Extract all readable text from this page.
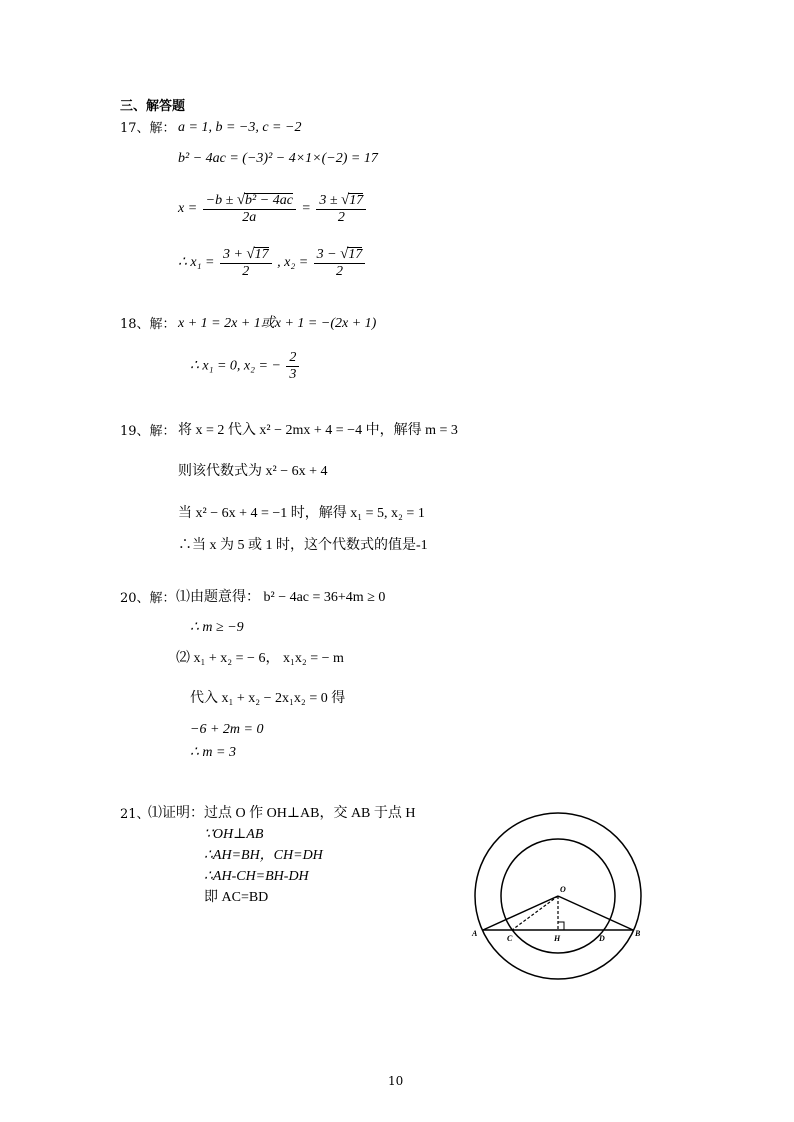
三、解答题
17、解： a = 1, b = −3, c = −2
b² − 4ac = (−3)² − 4×1×(−2) = 17
$x = \frac{\text{−b ± √b² − 4ac}}{2a} = \frac{3 \pm √17}{2}$
∴ $x_1 = \frac{3 + √17}{2}$ , $x_2 = \frac{3 - √17}{2}$
18、解： x + 1 = 2x + 1或x + 1 = −(2x + 1)
∴ x₁ = 0, x₂ = − $\frac{2}{3}$
19、解： 将 x = 2 代入 x² − 2mx + 4 = −4 中，解得 m = 3
则该代数式为 x² − 6x + 4
当 x² − 6x + 4 = −1 时，解得 x₁ = 5, x₂ = 1
∴当 x 为 5 或 1 时，这个代数式的值是-1
20、解： ⑴由题意得： b² − 4ac = 36+4m ≥ 0
∴ m ≥ −9
⑵ x₁ + x₂ = − 6， x₁x₂ = − m
代入 x₁ + x₂ − 2x₁x₂ = 0 得
−6 + 2m = 0
∴ m = 3
21、
⑴证明：过点 O 作 OH⊥AB，交 AB 于点 H
∵OH⊥AB
∴AH=BH，CH=DH
∴AH-CH=BH-DH
即 AC=BD
O
A	B
C	D
H
10
